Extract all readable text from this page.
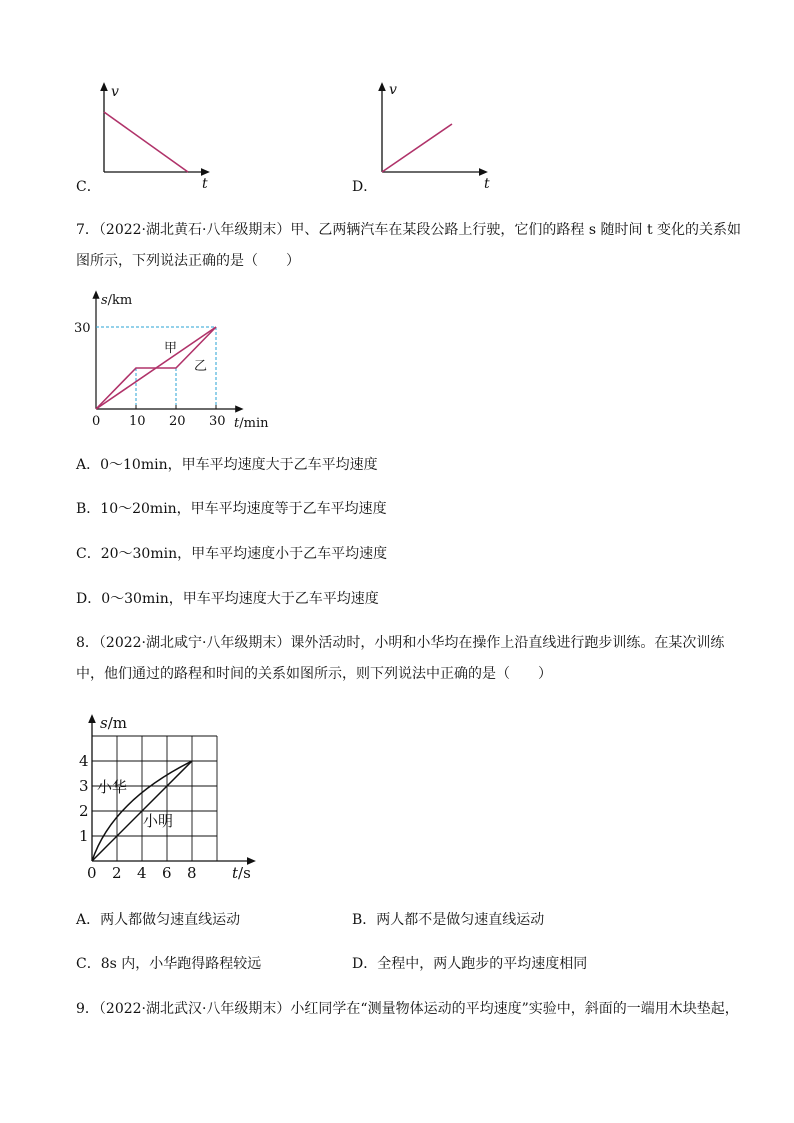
C．
v
t	D．
v
t
7．（2022·湖北黄石·八年级期末）甲、乙两辆汽车在某段公路上行驶，它们的路程 s 随时间 t 变化的关系如
图所示，下列说法正确的是（　　）
s/km
30
0 10 20 30 t/min
甲
乙
A．0～10min，甲车平均速度大于乙车平均速度
B．10～20min，甲车平均速度等于乙车平均速度
C．20～30min，甲车平均速度小于乙车平均速度
D．0～30min，甲车平均速度大于乙车平均速度
8．（2022·湖北咸宁·八年级期末）课外活动时，小明和小华均在操作上沿直线进行跑步训练。在某次训练
中，他们通过的路程和时间的关系如图所示，则下列说法中正确的是（　　）
s/m
1
2
3
4
0 2 4 6 8 t/s
小华
小明
A．两人都做匀速直线运动	B．两人都不是做匀速直线运动
C．8s 内，小华跑得路程较远	D．全程中，两人跑步的平均速度相同
9．（2022·湖北武汉·八年级期末）小红同学在“测量物体运动的平均速度”实验中，斜面的一端用木块垫起，
